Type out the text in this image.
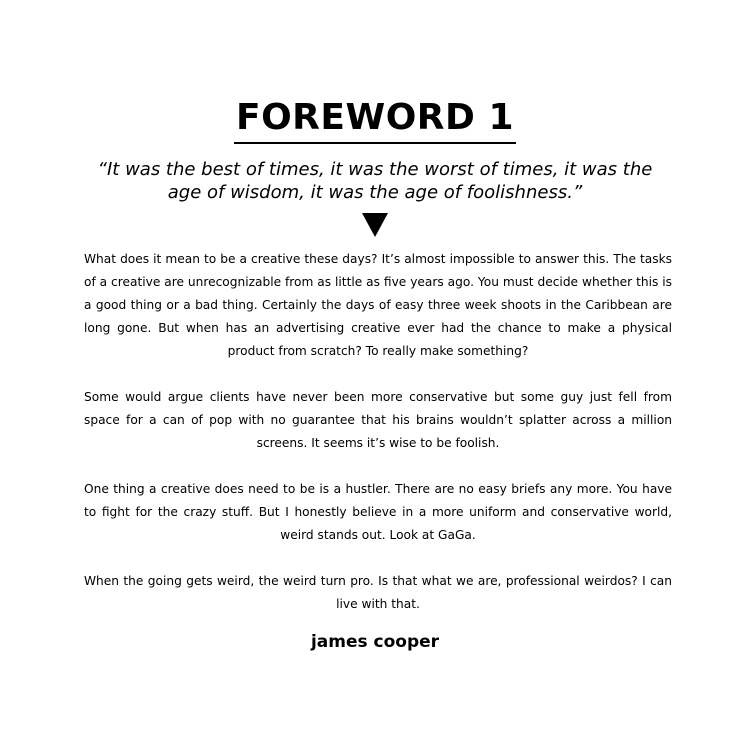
FOREWORD 1
“It was the best of times, it was the worst of times, it was the age of wisdom, it was the age of foolishness.”

What does it mean to be a creative these days? It’s almost impossible to answer this. The tasks of a creative are unrecognizable from as little as five years ago. You must decide whether this is a good thing or a bad thing. Certainly the days of easy three week shoots in the Caribbean are long gone. But when has an advertising creative ever had the chance to make a physical product from scratch? To really make something?

Some would argue clients have never been more conservative but some guy just fell from space for a can of pop with no guarantee that his brains wouldn’t splatter across a million screens. It seems it’s wise to be foolish.

One thing a creative does need to be is a hustler. There are no easy briefs any more. You have to fight for the crazy stuff. But I honestly believe in a more uniform and conservative world, weird stands out. Look at GaGa.

When the going gets weird, the weird turn pro. Is that what we are, professional weirdos? I can live with that.

james cooper
